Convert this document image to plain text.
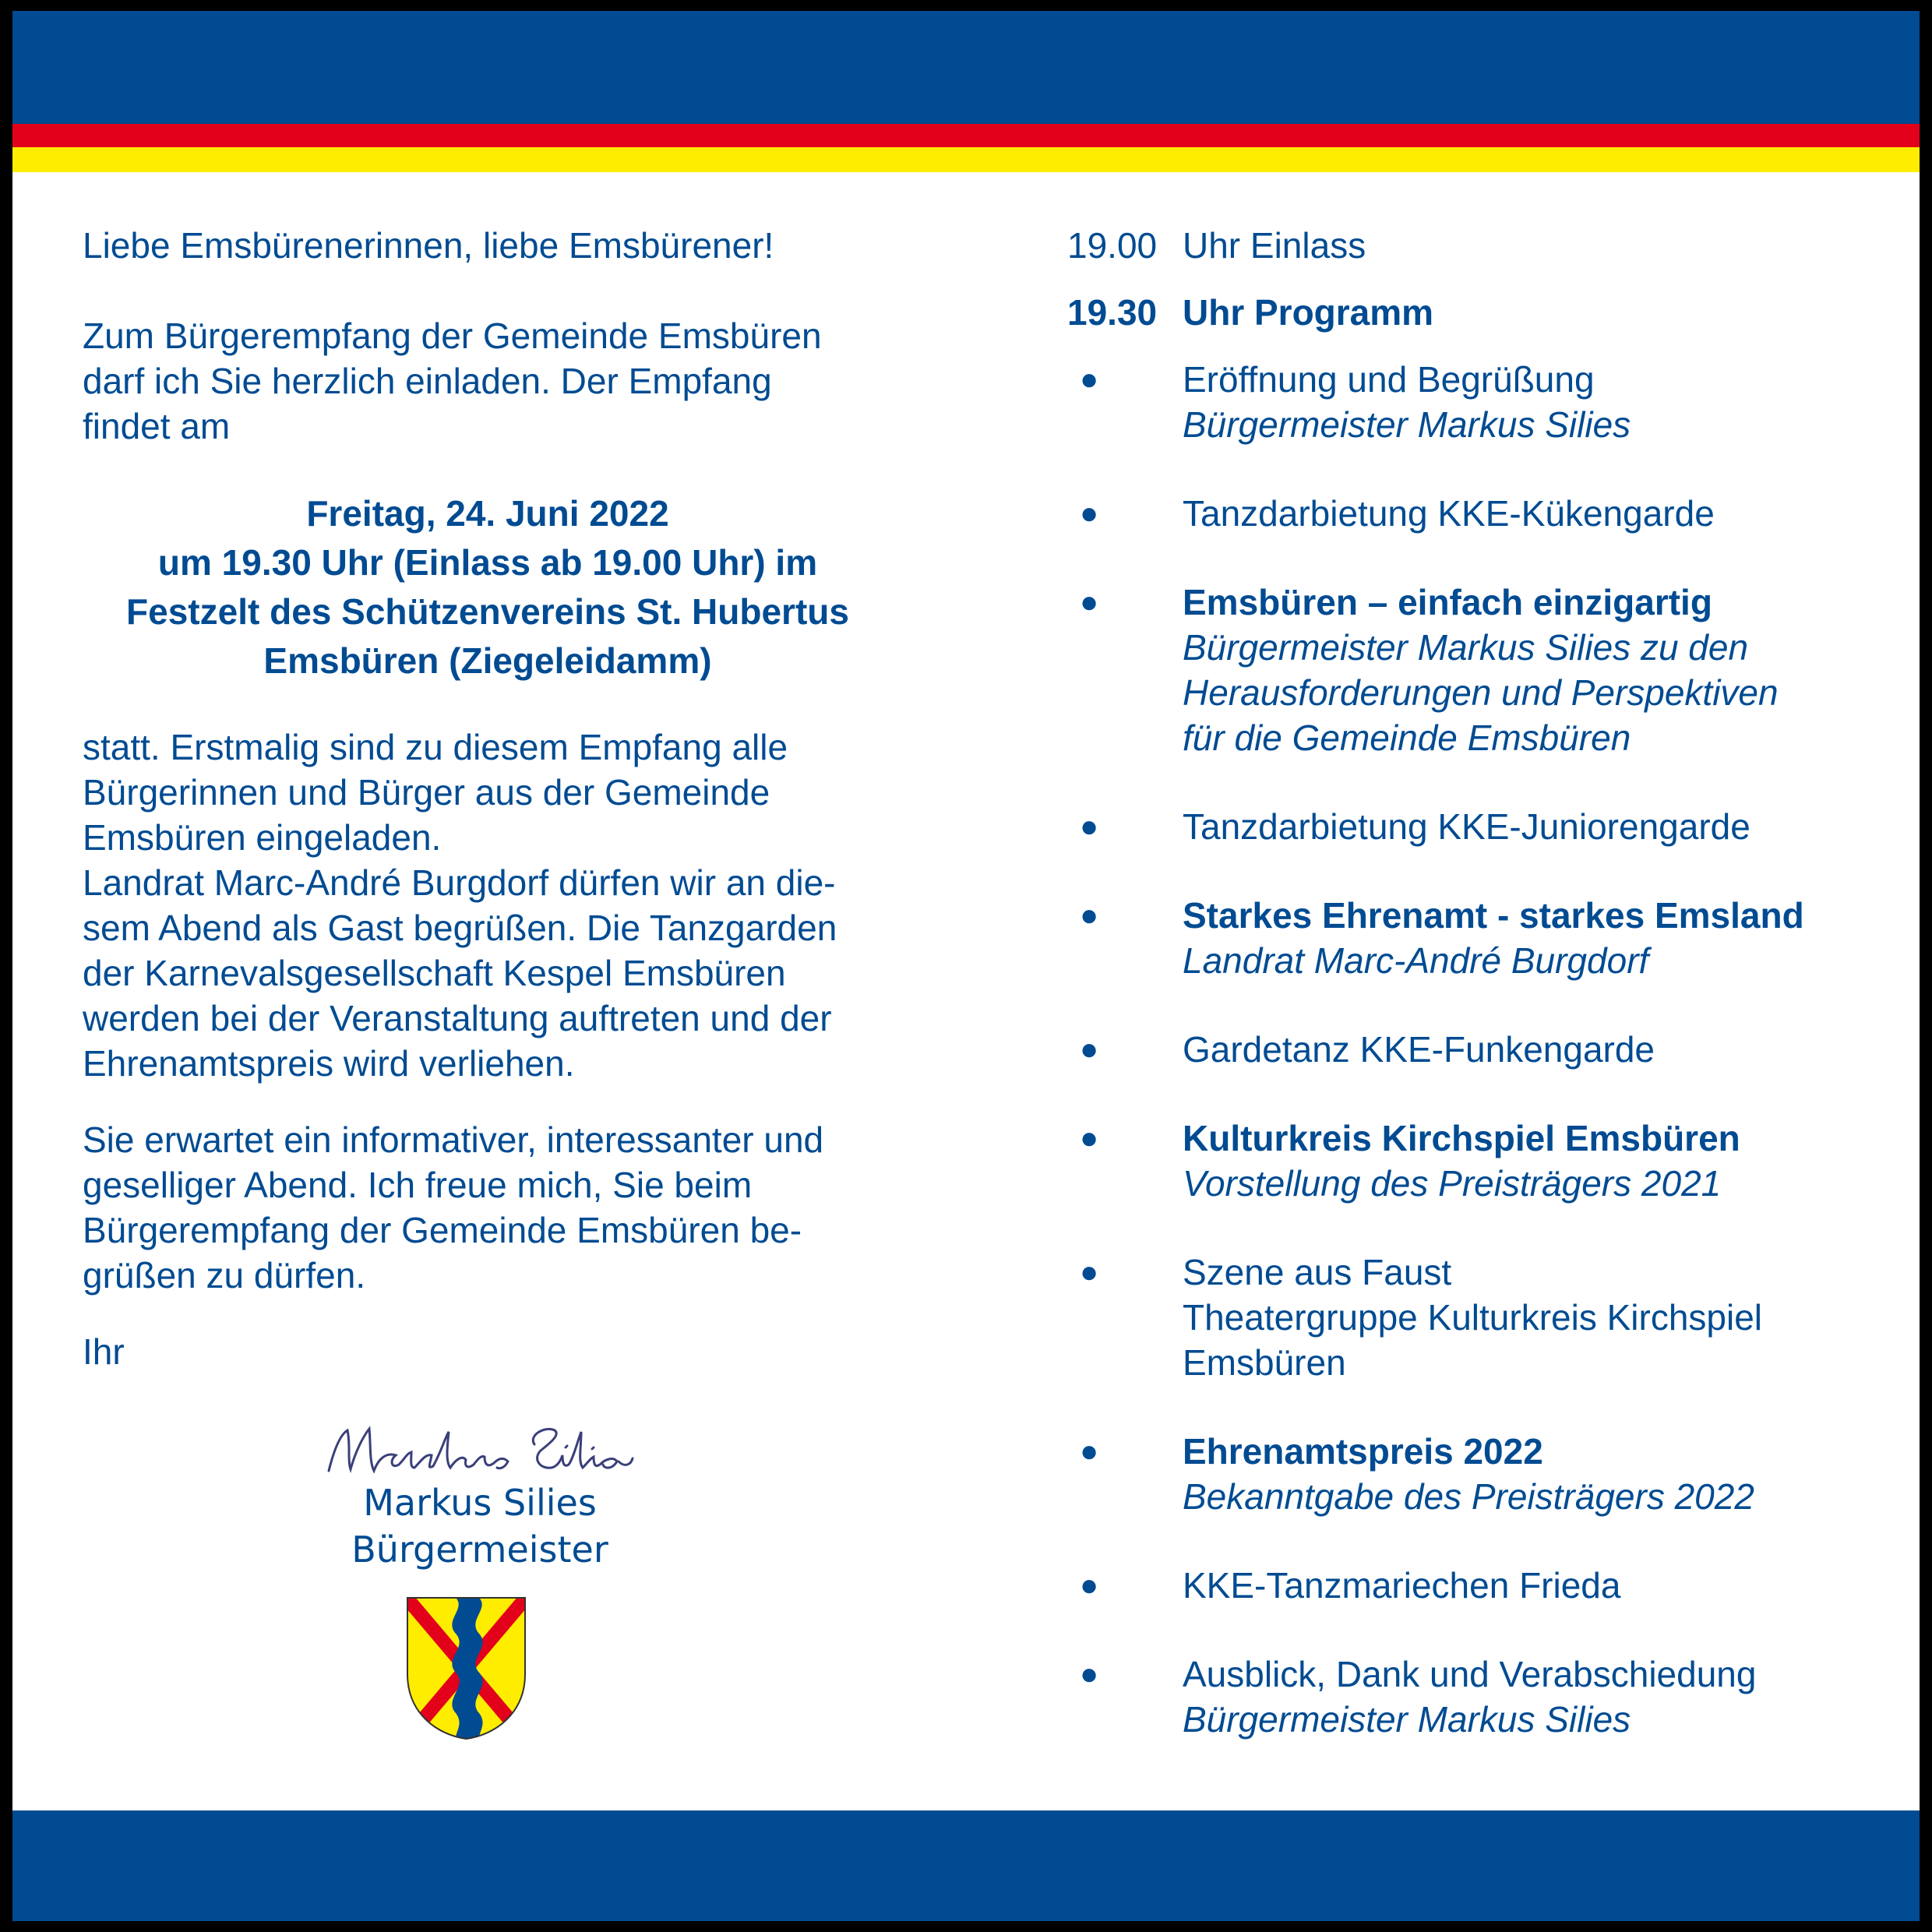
Liebe Emsbürenerinnen, liebe Emsbürener!

Zum Bürgerempfang der Gemeinde Emsbüren
darf ich Sie herzlich einladen. Der Empfang
findet am

Freitag, 24. Juni 2022
um 19.30 Uhr (Einlass ab 19.00 Uhr) im
Festzelt des Schützenvereins St. Hubertus
Emsbüren (Ziegeleidamm)

statt. Erstmalig sind zu diesem Empfang alle
Bürgerinnen und Bürger aus der Gemeinde
Emsbüren eingeladen.
Landrat Marc-André Burgdorf dürfen wir an die-
sem Abend als Gast begrüßen. Die Tanzgarden
der Karnevalsgesellschaft Kespel Emsbüren
werden bei der Veranstaltung auftreten und der
Ehrenamtspreis wird verliehen.

Sie erwartet ein informativer, interessanter und
geselliger Abend. Ich freue mich, Sie beim
Bürgerempfang der Gemeinde Emsbüren be-
grüßen zu dürfen.

Ihr

Markus Silies
Bürgermeister
19.00 Uhr Einlass
19.30 Uhr Programm
● Eröffnung und Begrüßung
Bürgermeister Markus Silies
● Tanzdarbietung KKE-Kükengarde
● Emsbüren – einfach einzigartig
Bürgermeister Markus Silies zu den
Herausforderungen und Perspektiven
für die Gemeinde Emsbüren
● Tanzdarbietung KKE-Juniorengarde
● Starkes Ehrenamt - starkes Emsland
Landrat Marc-André Burgdorf
● Gardetanz KKE-Funkengarde
● Kulturkreis Kirchspiel Emsbüren
Vorstellung des Preisträgers 2021
● Szene aus Faust
Theatergruppe Kulturkreis Kirchspiel
Emsbüren
● Ehrenamtspreis 2022
Bekanntgabe des Preisträgers 2022
● KKE-Tanzmariechen Frieda
● Ausblick, Dank und Verabschiedung
Bürgermeister Markus Silies
